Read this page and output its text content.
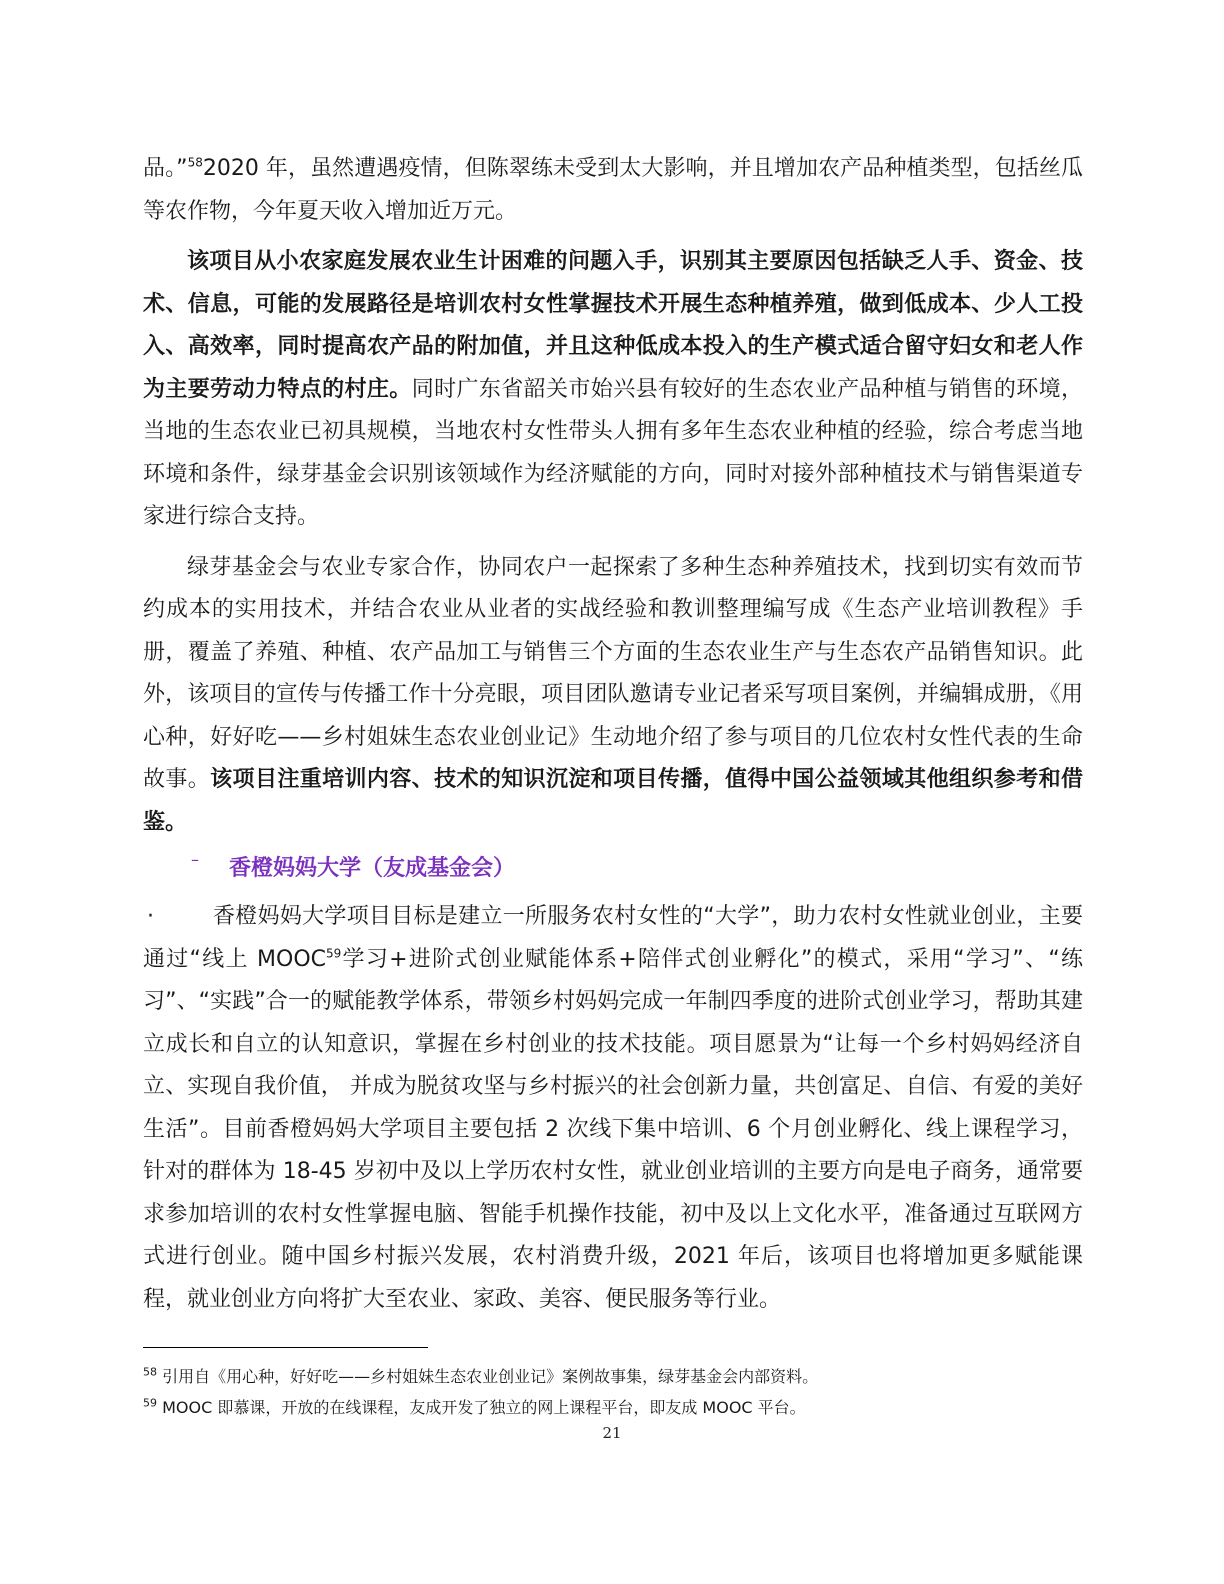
品。”$^{58}$2020 年，虽然遭遇疫情，但陈翠练未受到太大影响，并且增加农产品种植类型，包括丝瓜等农作物，今年夏天收入增加近万元。

该项目从小农家庭发展农业生计困难的问题入手，识别其主要原因包括缺乏人手、资金、技术、信息，可能的发展路径是培训农村女性掌握技术开展生态种植养殖，做到低成本、少人工投入、高效率，同时提高农产品的附加值，并且这种低成本投入的生产模式适合留守妇女和老人作为主要劳动力特点的村庄。同时广东省韶关市始兴县有较好的生态农业产品种植与销售的环境，当地的生态农业已初具规模，当地农村女性带头人拥有多年生态农业种植的经验，综合考虑当地环境和条件，绿芽基金会识别该领域作为经济赋能的方向，同时对接外部种植技术与销售渠道专家进行综合支持。

绿芽基金会与农业专家合作，协同农户一起探索了多种生态种养殖技术，找到切实有效而节约成本的实用技术，并结合农业从业者的实战经验和教训整理编写成《生态产业培训教程》手册，覆盖了养殖、种植、农产品加工与销售三个方面的生态农业生产与生态农产品销售知识。此外，该项目的宣传与传播工作十分亮眼，项目团队邀请专业记者采写项目案例，并编辑成册，《用心种，好好吃——乡村姐妹生态农业创业记》生动地介绍了参与项目的几位农村女性代表的生命故事。该项目注重培训内容、技术的知识沉淀和项目传播，值得中国公益领域其他组织参考和借鉴。

– 香橙妈妈大学（友成基金会）
·	香橙妈妈大学项目目标是建立一所服务农村女性的“大学”，助力农村女性就业创业，主要通过“线上 MOOC$^{59}$学习+进阶式创业赋能体系+陪伴式创业孵化”的模式，采用“学习”、“练习”、“实践”合一的赋能教学体系，带领乡村妈妈完成一年制四季度的进阶式创业学习，帮助其建立成长和自立的认知意识，掌握在乡村创业的技术技能。项目愿景为“让每一个乡村妈妈经济自立、实现自我价值， 并成为脱贫攻坚与乡村振兴的社会创新力量，共创富足、自信、有爱的美好生活”。目前香橙妈妈大学项目主要包括 2 次线下集中培训、6 个月创业孵化、线上课程学习，针对的群体为 18-45 岁初中及以上学历农村女性，就业创业培训的主要方向是电子商务，通常要求参加培训的农村女性掌握电脑、智能手机操作技能，初中及以上文化水平，准备通过互联网方式进行创业。随中国乡村振兴发展，农村消费升级，2021 年后，该项目也将增加更多赋能课程，就业创业方向将扩大至农业、家政、美容、便民服务等行业。

$^{58}$ 引用自《用心种，好好吃——乡村姐妹生态农业创业记》案例故事集，绿芽基金会内部资料。
$^{59}$ MOOC 即慕课，开放的在线课程，友成开发了独立的网上课程平台，即友成 MOOC 平台。
21
